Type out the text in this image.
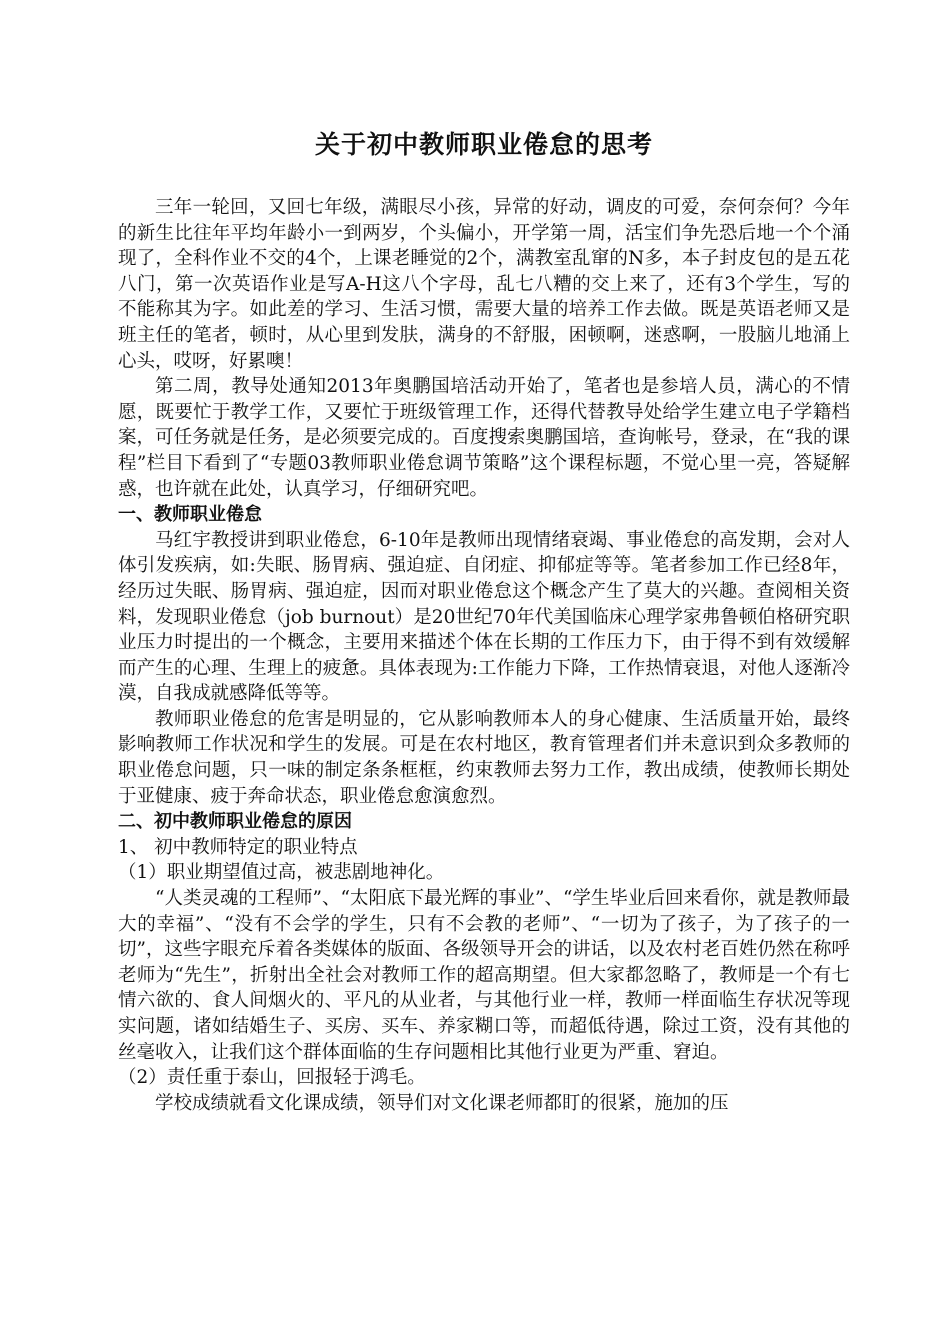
关于初中教师职业倦怠的思考

三年一轮回，又回七年级，满眼尽小孩，异常的好动，调皮的可爱，奈何奈何？今年的新生比往年平均年龄小一到两岁，个头偏小，开学第一周，活宝们争先恐后地一个个涌现了，全科作业不交的4个，上课老睡觉的2个，满教室乱窜的N多，本子封皮包的是五花八门，第一次英语作业是写A-H这八个字母，乱七八糟的交上来了，还有3个学生，写的不能称其为字。如此差的学习、生活习惯，需要大量的培养工作去做。既是英语老师又是班主任的笔者，顿时，从心里到发肤，满身的不舒服，困顿啊，迷惑啊，一股脑儿地涌上心头，哎呀，好累噢！

第二周，教导处通知2013年奥鹏国培活动开始了，笔者也是参培人员，满心的不情愿，既要忙于教学工作，又要忙于班级管理工作，还得代替教导处给学生建立电子学籍档案，可任务就是任务，是必须要完成的。百度搜索奥鹏国培，查询帐号，登录，在“我的课程”栏目下看到了“专题03教师职业倦怠调节策略”这个课程标题，不觉心里一亮，答疑解惑，也许就在此处，认真学习，仔细研究吧。

一、教师职业倦怠

马红宇教授讲到职业倦怠，6-10年是教师出现情绪衰竭、事业倦怠的高发期，会对人体引发疾病，如:失眠、肠胃病、强迫症、自闭症、抑郁症等等。笔者参加工作已经8年，经历过失眠、肠胃病、强迫症，因而对职业倦怠这个概念产生了莫大的兴趣。查阅相关资料，发现职业倦怠（job burnout）是20世纪70年代美国临床心理学家弗鲁顿伯格研究职业压力时提出的一个概念，主要用来描述个体在长期的工作压力下，由于得不到有效缓解而产生的心理、生理上的疲惫。具体表现为:工作能力下降，工作热情衰退，对他人逐渐冷漠，自我成就感降低等等。

教师职业倦怠的危害是明显的，它从影响教师本人的身心健康、生活质量开始，最终影响教师工作状况和学生的发展。可是在农村地区，教育管理者们并未意识到众多教师的职业倦怠问题，只一味的制定条条框框，约束教师去努力工作，教出成绩，使教师长期处于亚健康、疲于奔命状态，职业倦怠愈演愈烈。

二、初中教师职业倦怠的原因

1、 初中教师特定的职业特点

（1）职业期望值过高，被悲剧地神化。

“人类灵魂的工程师”、“太阳底下最光辉的事业”、“学生毕业后回来看你，就是教师最大的幸福”、“没有不会学的学生，只有不会教的老师”、“一切为了孩子，为了孩子的一切”，这些字眼充斥着各类媒体的版面、各级领导开会的讲话，以及农村老百姓仍然在称呼老师为“先生”，折射出全社会对教师工作的超高期望。但大家都忽略了，教师是一个有七情六欲的、食人间烟火的、平凡的从业者，与其他行业一样，教师一样面临生存状况等现实问题，诸如结婚生子、买房、买车、养家糊口等，而超低待遇，除过工资，没有其他的丝毫收入，让我们这个群体面临的生存问题相比其他行业更为严重、窘迫。

（2）责任重于泰山，回报轻于鸿毛。

学校成绩就看文化课成绩，领导们对文化课老师都盯的很紧，施加的压
